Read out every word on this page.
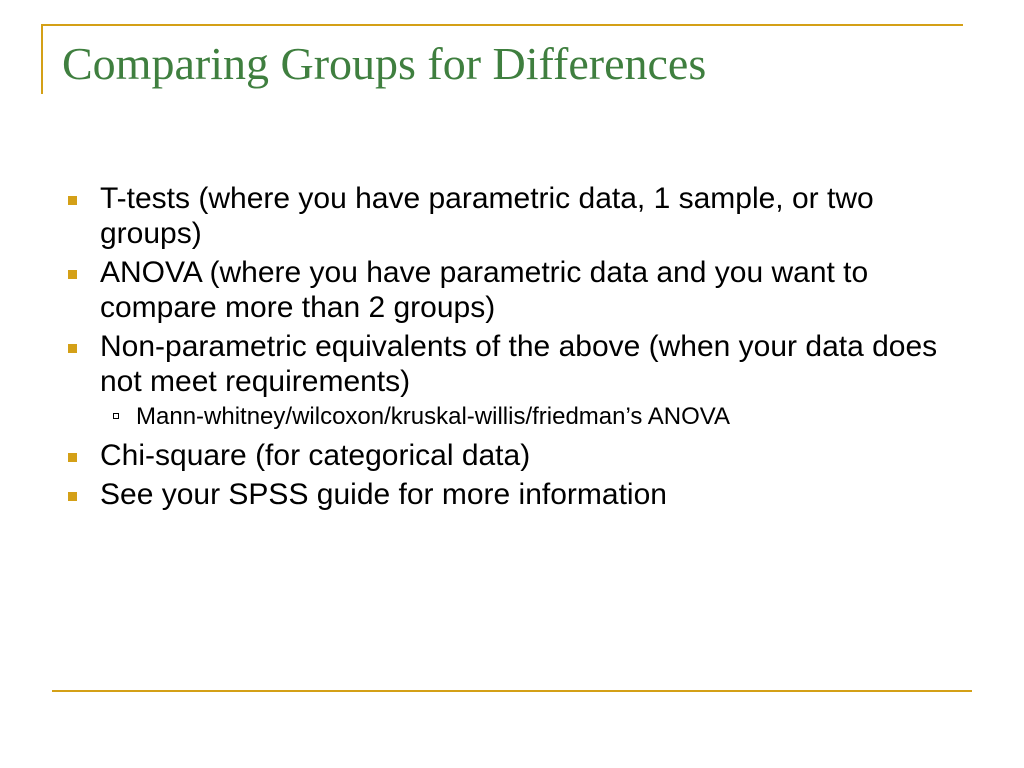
Comparing Groups for Differences
T-tests (where you have parametric data, 1 sample, or two groups)
ANOVA (where you have parametric data and you want to compare more than 2 groups)
Non-parametric equivalents of the above (when your data does not meet requirements)
Mann-whitney/wilcoxon/kruskal-willis/friedman’s ANOVA
Chi-square (for categorical data)
See your SPSS guide for more information
